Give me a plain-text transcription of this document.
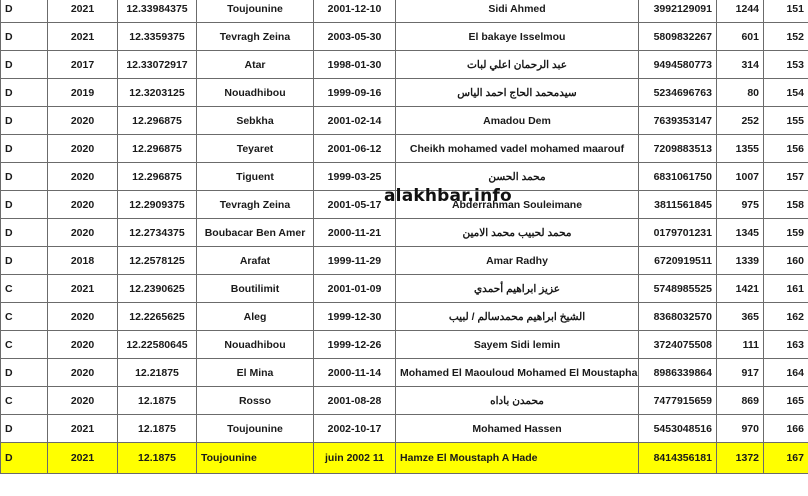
D	2021	12.33984375	Toujounine	2001-12-10	Sidi Ahmed	3992129091	1244	151
D	2021	12.3359375	Tevragh Zeina	2003-05-30	El bakaye Isselmou	5809832267	601	152
D	2017	12.33072917	Atar	1998-01-30	عبد الرحمان اعلي لبات	9494580773	314	153
D	2019	12.3203125	Nouadhibou	1999-09-16	سيدمحمد الحاج احمد الياس	5234696763	80	154
D	2020	12.296875	Sebkha	2001-02-14	Amadou Dem	7639353147	252	155
D	2020	12.296875	Teyaret	2001-06-12	Cheikh mohamed vadel mohamed maarouf	7209883513	1355	156
D	2020	12.296875	Tiguent	1999-03-25	محمد الحسن	6831061750	1007	157
D	2020	12.2909375	Tevragh Zeina	2001-05-17	Abderrahman Souleimane	3811561845	975	158
D	2020	12.2734375	Boubacar Ben Amer	2000-11-21	محمد لحبيب محمد الامين	0179701231	1345	159
D	2018	12.2578125	Arafat	1999-11-29	Amar Radhy	6720919511	1339	160
C	2021	12.2390625	Boutilimit	2001-01-09	عزيز ابراهيم أحمدي	5748985525	1421	161
C	2020	12.2265625	Aleg	1999-12-30	الشيخ ابراهيم محمدسالم / لبيب	8368032570	365	162
C	2020	12.22580645	Nouadhibou	1999-12-26	Sayem Sidi lemin	3724075508	111	163
D	2020	12.21875	El Mina	2000-11-14	Mohamed El Maouloud Mohamed El Moustapha	8986339864	917	164
C	2020	12.1875	Rosso	2001-08-28	محمدن باداه	7477915659	869	165
D	2021	12.1875	Toujounine	2002-10-17	Mohamed Hassen	5453048516	970	166
D	2021	12.1875	Toujounine	juin 2002 11	Hamze El Moustaph A Hade	8414356181	1372	167
alakhbar.info
